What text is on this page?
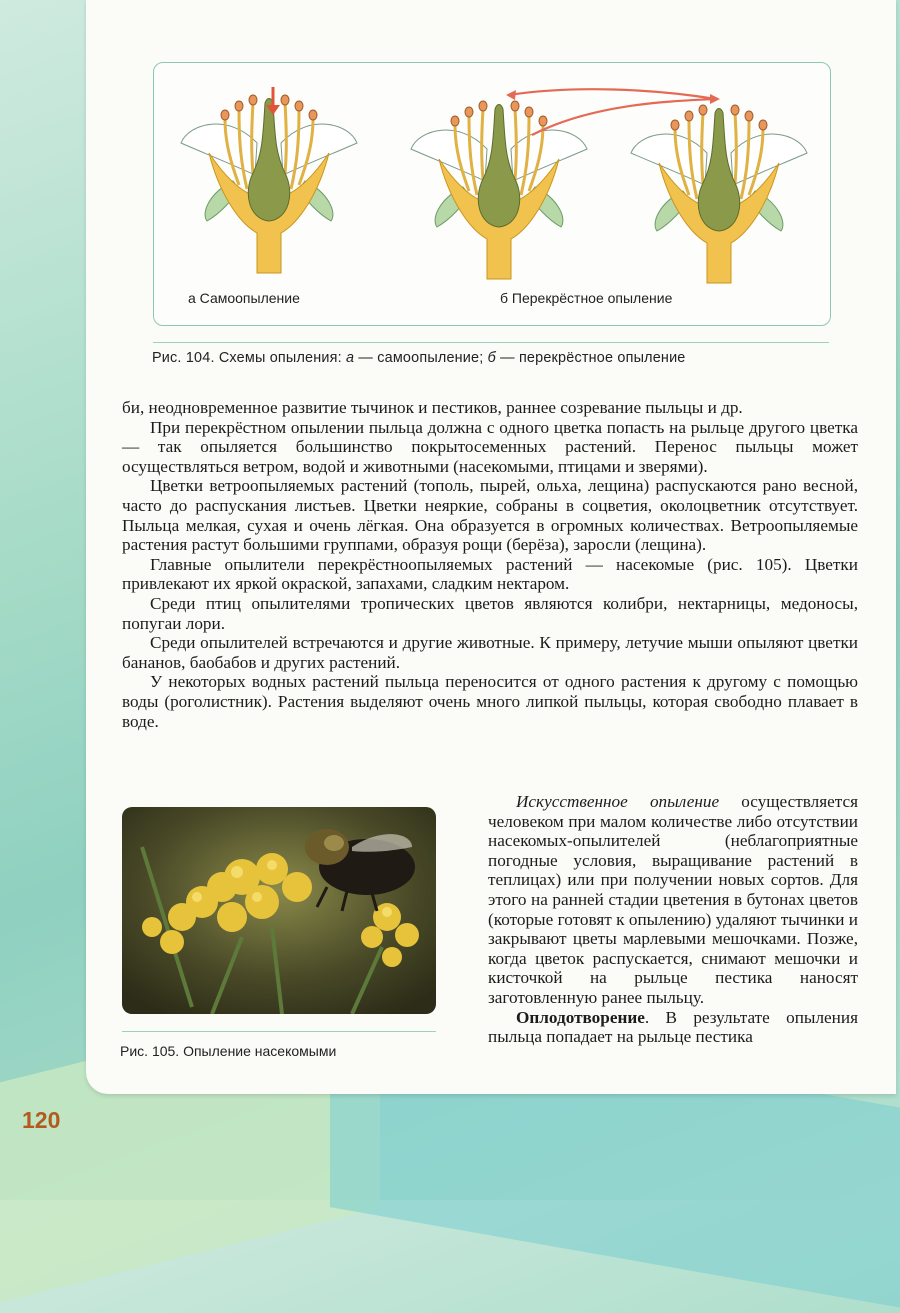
а Самоопыление	б Перекрёстное опыление
Рис. 104. Схемы опыления: а — самоопыление; б — перекрёстное опыление

би, неодновременное развитие тычинок и пестиков, раннее созревание пыльцы и др.

При перекрёстном опылении пыльца должна с одного цветка попасть на рыльце другого цветка — так опыляется большинство покрытосеменных растений. Перенос пыльцы может осуществляться ветром, водой и животными (насекомыми, птицами и зверями).

Цветки ветроопыляемых растений (тополь, пырей, ольха, лещина) распускаются рано весной, часто до распускания листьев. Цветки неяркие, собраны в соцветия, околоцветник отсутствует. Пыльца мелкая, сухая и очень лёгкая. Она образуется в огромных количествах. Ветроопыляемые растения растут большими группами, образуя рощи (берёза), заросли (лещина).

Главные опылители перекрёстноопыляемых растений — насекомые (рис. 105). Цветки привлекают их яркой окраской, запахами, сладким нектаром.

Среди птиц опылителями тропических цветов являются колибри, нектарницы, медоносы, попугаи лори.

Среди опылителей встречаются и другие животные. К примеру, летучие мыши опыляют цветки бананов, баобабов и других растений.

У некоторых водных растений пыльца переносится от одного растения к другому с помощью воды (роголистник). Растения выделяют очень много липкой пыльцы, которая свободно плавает в воде.

Рис. 105. Опыление насекомыми

Искусственное опыление осуществляется человеком при малом количестве либо отсутствии насекомых-опылителей (неблагоприятные погодные условия, выращивание растений в теплицах) или при получении новых сортов. Для этого на ранней стадии цветения в бутонах цветов (которые готовят к опылению) удаляют тычинки и закрывают цветы марлевыми мешочками. Позже, когда цветок распускается, снимают мешочки и кисточкой на рыльце пестика наносят заготовленную ранее пыльцу.

Оплодотворение. В результате опыления пыльца попадает на рыльце пестика

120
